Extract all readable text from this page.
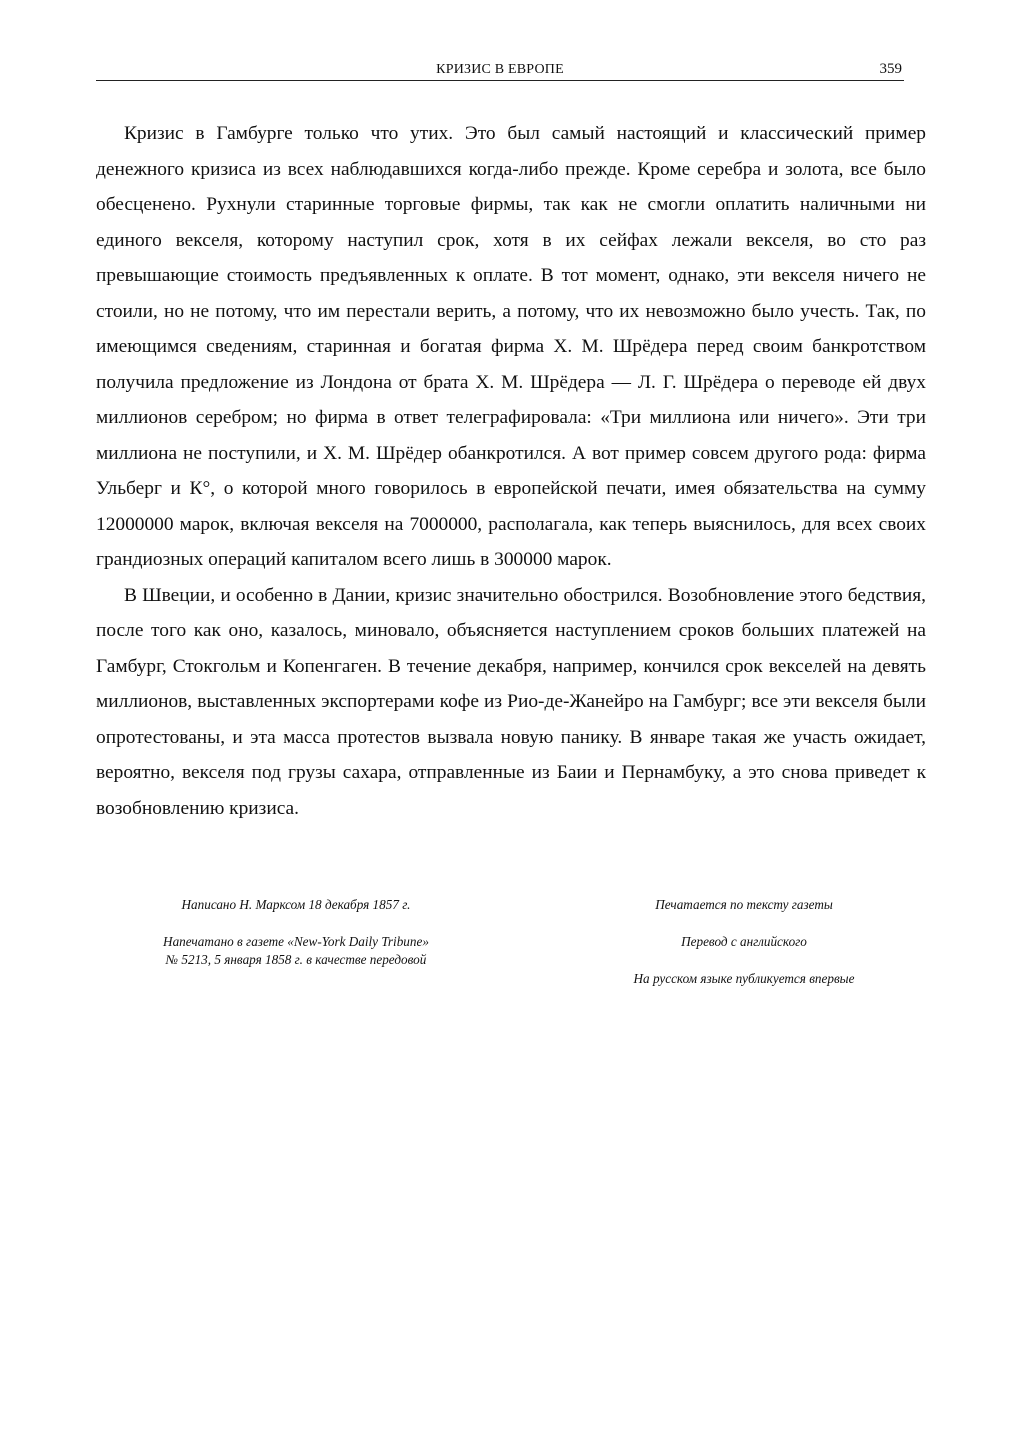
КРИЗИС В ЕВРОПЕ	359

Кризис в Гамбурге только что утих. Это был самый настоящий и классический пример денежного кризиса из всех наблюдавшихся когда-либо прежде. Кроме серебра и золота, все было обесценено. Рухнули старинные торговые фирмы, так как не смогли оплатить наличными ни единого векселя, которому наступил срок, хотя в их сейфах лежали векселя, во сто раз превышающие стоимость предъявленных к оплате. В тот момент, однако, эти векселя ничего не стоили, но не потому, что им перестали верить, а потому, что их невозможно было учесть. Так, по имеющимся сведениям, старинная и богатая фирма X. М. Шрёдера перед своим банкротством получила предложение из Лондона от брата X. М. Шрёдера — Л. Г. Шрёдера о переводе ей двух миллионов серебром; но фирма в ответ телеграфировала: «Три миллиона или ничего». Эти три миллиона не поступили, и X. М. Шрёдер обанкротился. А вот пример совсем другого рода: фирма Ульберг и К°, о которой много говорилось в европейской печати, имея обязательства на сумму 12000000 марок, включая векселя на 7000000, располагала, как теперь выяснилось, для всех своих грандиозных операций капиталом всего лишь в 300000 марок.

В Швеции, и особенно в Дании, кризис значительно обострился. Возобновление этого бедствия, после того как оно, казалось, миновало, объясняется наступлением сроков больших платежей на Гамбург, Стокгольм и Копенгаген. В течение декабря, например, кончился срок векселей на девять миллионов, выставленных экспортерами кофе из Рио-де-Жанейро на Гамбург; все эти векселя были опротестованы, и эта масса протестов вызвала новую панику. В январе такая же участь ожидает, вероятно, векселя под грузы сахара, отправленные из Баии и Пернамбуку, а это снова приведет к возобновлению кризиса.

Написано Н. Марксом 18 декабря 1857 г.
Напечатано в газете «New-York Daily Tribune»
№ 5213, 5 января 1858 г. в качестве передовой
Печатается по тексту газеты
Перевод с английского
На русском языке публикуется впервые
